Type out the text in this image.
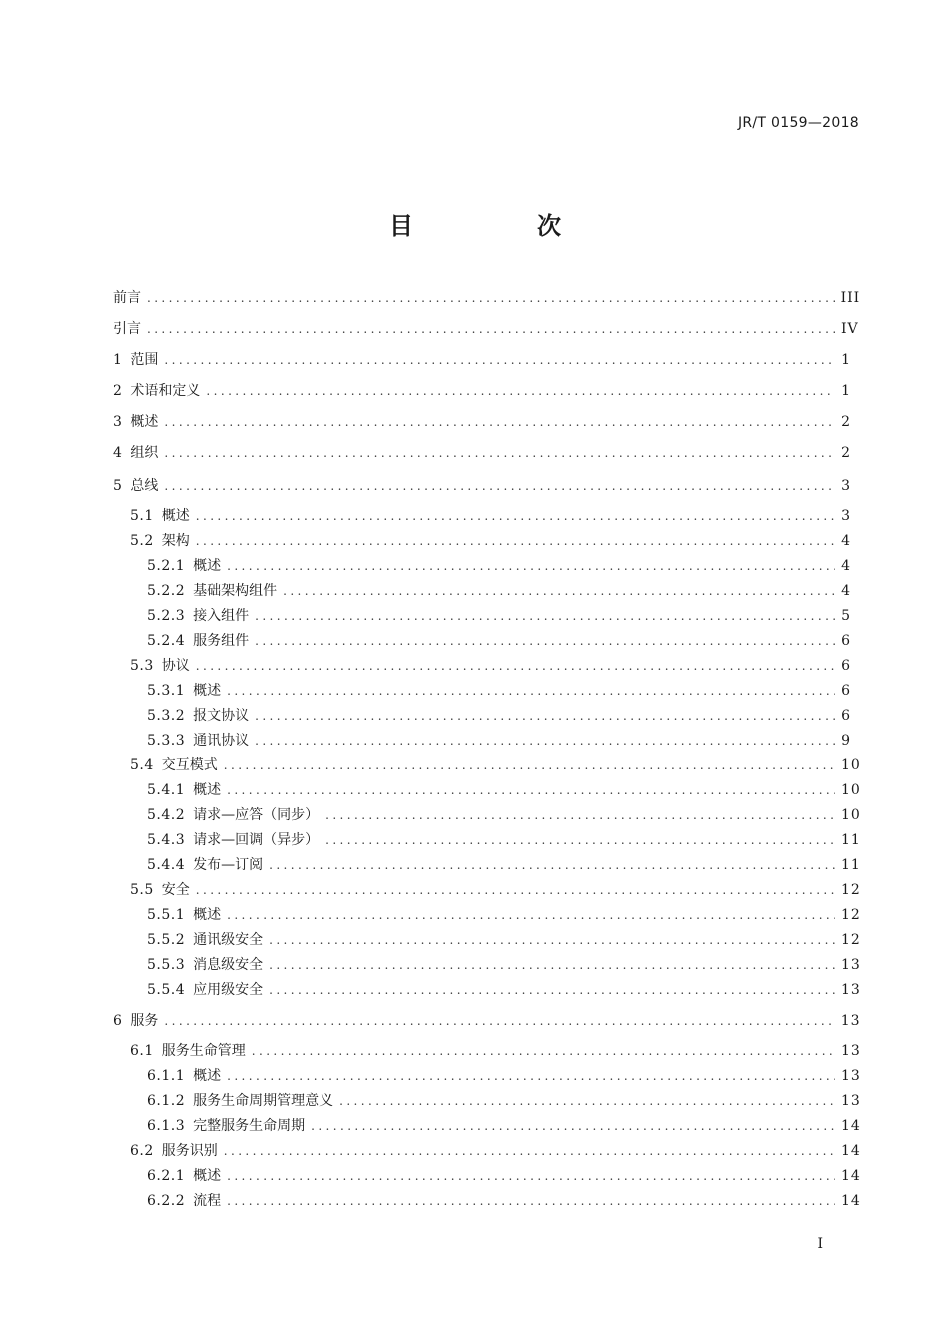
JR/T 0159—2018
目　次
前言 .....	III
引言 .....	IV
1 范围 .....	1
2 术语和定义 .....	1
3 概述 .....	2
4 组织 .....	2
5 总线 .....	3
5.1 概述 .....	3
5.2 架构 .....	4
5.2.1 概述 .....	4
5.2.2 基础架构组件 .....	4
5.2.3 接入组件 .....	5
5.2.4 服务组件 .....	6
5.3 协议 .....	6
5.3.1 概述 .....	6
5.3.2 报文协议 .....	6
5.3.3 通讯协议 .....	9
5.4 交互模式 .....	10
5.4.1 概述 .....	10
5.4.2 请求—应答（同步） .....	10
5.4.3 请求—回调（异步） .....	11
5.4.4 发布—订阅 .....	11
5.5 安全 .....	12
5.5.1 概述 .....	12
5.5.2 通讯级安全 .....	12
5.5.3 消息级安全 .....	13
5.5.4 应用级安全 .....	13
6 服务 .....	13
6.1 服务生命管理 .....	13
6.1.1 概述 .....	13
6.1.2 服务生命周期管理意义 .....	13
6.1.3 完整服务生命周期 .....	14
6.2 服务识别 .....	14
6.2.1 概述 .....	14
6.2.2 流程 .....	14
I
